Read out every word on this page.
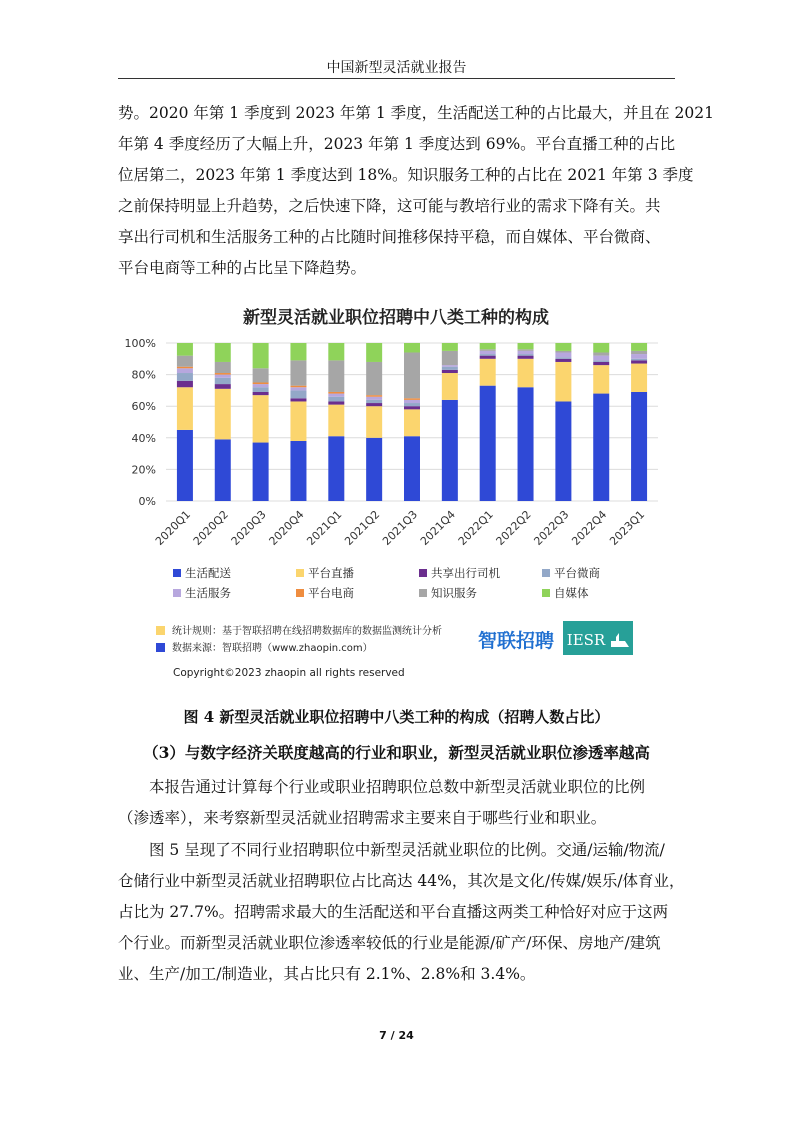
中国新型灵活就业报告
势。2020 年第 1 季度到 2023 年第 1 季度，生活配送工种的占比最大，并且在 2021
年第 4 季度经历了大幅上升，2023 年第 1 季度达到 69%。平台直播工种的占比
位居第二，2023 年第 1 季度达到 18%。知识服务工种的占比在 2021 年第 3 季度
之前保持明显上升趋势，之后快速下降，这可能与教培行业的需求下降有关。共
享出行司机和生活服务工种的占比随时间推移保持平稳，而自媒体、平台微商、
平台电商等工种的占比呈下降趋势。
新型灵活就业职位招聘中八类工种的构成
0%
20%
40%
60%
80%
100%
2020Q1
2020Q2
2020Q3
2020Q4
2021Q1
2021Q2
2021Q3
2021Q4
2022Q1
2022Q2
2022Q3
2022Q4
2023Q1
生活配送	平台直播	共享出行司机	平台微商
生活服务	平台电商	知识服务	自媒体
统计规则：基于智联招聘在线招聘数据库的数据监测统计分析
数据来源：智联招聘（www.zhaopin.com）	智联招聘 IESR
Copyright©2023 zhaopin all rights reserved
图 4 新型灵活就业职位招聘中八类工种的构成（招聘人数占比）
（3）与数字经济关联度越高的行业和职业，新型灵活就业职位渗透率越高
本报告通过计算每个行业或职业招聘职位总数中新型灵活就业职位的比例
（渗透率），来考察新型灵活就业招聘需求主要来自于哪些行业和职业。
图 5 呈现了不同行业招聘职位中新型灵活就业职位的比例。交通/运输/物流/
仓储行业中新型灵活就业招聘职位占比高达 44%，其次是文化/传媒/娱乐/体育业，
占比为 27.7%。招聘需求最大的生活配送和平台直播这两类工种恰好对应于这两
个行业。而新型灵活就业职位渗透率较低的行业是能源/矿产/环保、房地产/建筑
业、生产/加工/制造业，其占比只有 2.1%、2.8%和 3.4%。
7 / 24
